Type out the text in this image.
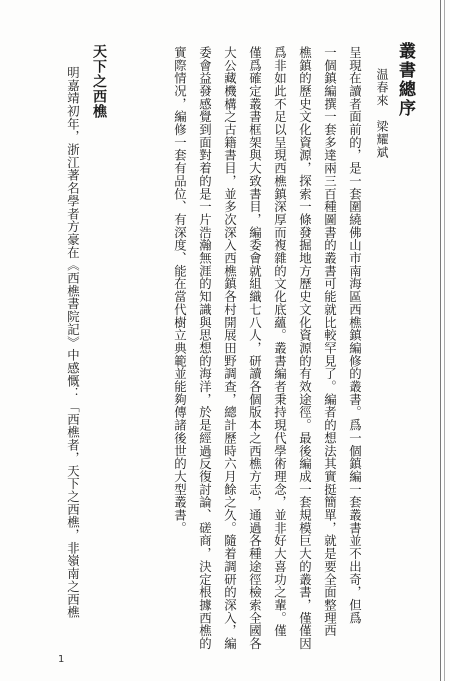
叢書總序
温春來　梁耀斌
呈現在讀者面前的，是一套圍繞佛山市南海區西樵鎮編修的叢書。爲一個鎮編一套叢書並不出奇，但爲
一個鎮編撰一套多達兩三百種圖書的叢書可能就比較罕見了。編者的想法其實挺簡單，就是要全面整理西
樵鎮的歷史文化資源，探索一條發掘地方歷史文化資源的有效途徑。最後編成一套規模巨大的叢書，僅僅因
爲非如此不足以呈現西樵鎮深厚而複雜的文化底蘊。叢書編者秉持現代學術理念，並非好大喜功之輩。僅
僅爲確定叢書框架與大致書目，編委會就組織七八人，研讀各個版本之西樵方志，通過各種途徑檢索全國各
大公藏機構之古籍書目，並多次深入西樵鎮各村開展田野調查，總計歷時六月餘之久。隨着調研的深入，編
委會益發感覺到面對着的是一片浩瀚無涯的知識與思想的海洋，於是經過反復討論、磋商，決定根據西樵的
實際情况，編修一套有品位、有深度、能在當代樹立典範並能夠傳諸後世的大型叢書。
天下之西樵
明嘉靖初年，浙江著名學者方豪在《西樵書院記》中感慨：「西樵者，天下之西樵，非嶺南之西樵
1
